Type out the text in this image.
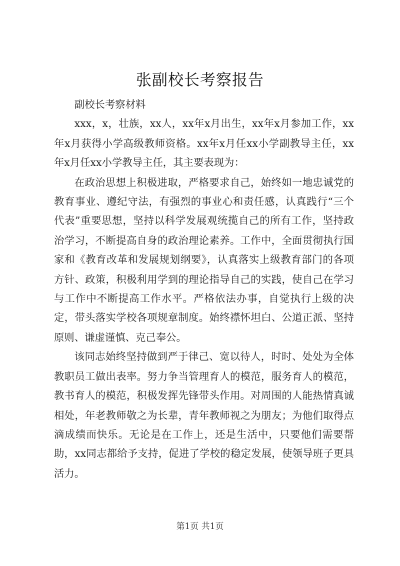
张副校长考察报告

副校长考察材料

xxx，x，壮族，xx人，xx年x月出生，xx年x月参加工作，xx年x月获得小学高级教师资格。xx年x月任xx小学副教导主任，xx年x月任xx小学教导主任，其主要表现为：

在政治思想上积极进取，严格要求自己，始终如一地忠诚党的教育事业、遵纪守法，有强烈的事业心和责任感，认真践行“三个代表”重要思想，坚持以科学发展观统揽自己的所有工作，坚持政治学习，不断提高自身的政治理论素养。工作中，全面贯彻执行国家和《教育改革和发展规划纲要》，认真落实上级教育部门的各项方针、政策，积极利用学到的理论指导自己的实践，使自己在学习与工作中不断提高工作水平。严格依法办事，自觉执行上级的决定，带头落实学校各项规章制度。始终襟怀坦白、公道正派、坚持原则、谦虚谨慎、克己奉公。

该同志始终坚持做到严于律己、宽以待人，时时、处处为全体教职员工做出表率。努力争当管理育人的模范，服务育人的模范，教书育人的模范，积极发挥先锋带头作用。对周围的人能热情真诚相处，年老教师敬之为长辈，青年教师视之为朋友；为他们取得点滴成绩而快乐。无论是在工作上，还是生活中，只要他们需要帮助，xx同志都给予支持，促进了学校的稳定发展，使领导班子更具活力。

第1页 共1页
